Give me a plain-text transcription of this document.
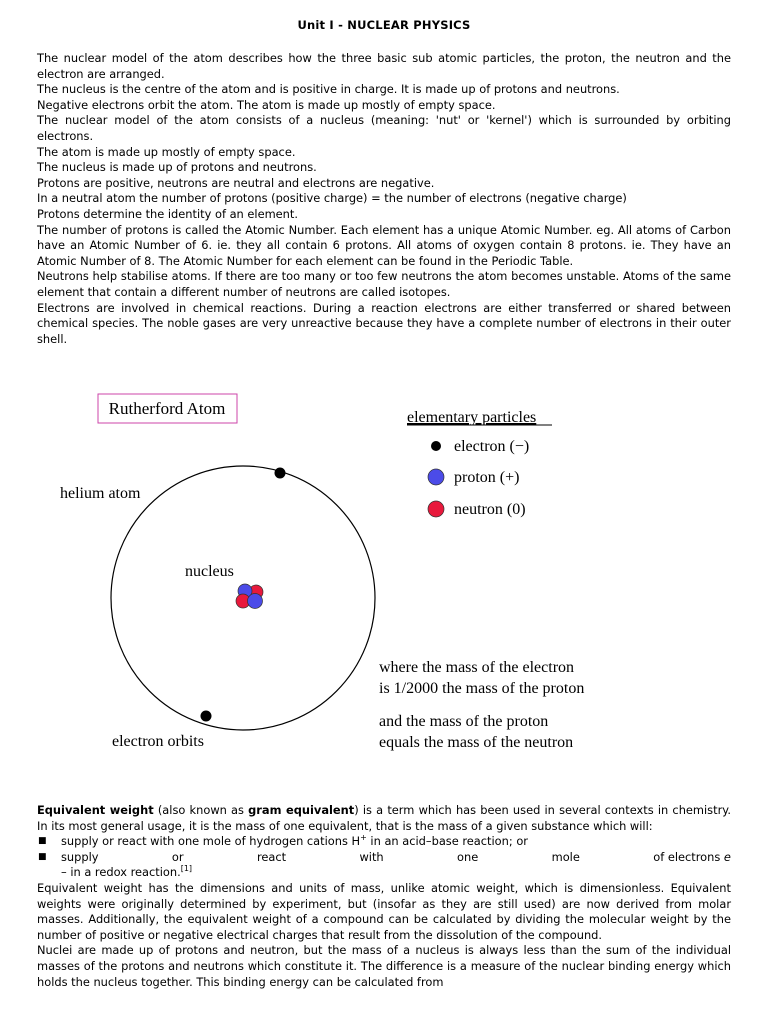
Unit I - NUCLEAR PHYSICS

The nuclear model of the atom describes how the three basic sub atomic particles, the proton, the neutron and the electron are arranged.

The nucleus is the centre of the atom and is positive in charge. It is made up of protons and neutrons.

Negative electrons orbit the atom. The atom is made up mostly of empty space.

The nuclear model of the atom consists of a nucleus (meaning: 'nut' or 'kernel') which is surrounded by orbiting electrons.

The atom is made up mostly of empty space.

The nucleus is made up of protons and neutrons.

Protons are positive, neutrons are neutral and electrons are negative.

In a neutral atom the number of protons (positive charge) = the number of electrons (negative charge)

Protons determine the identity of an element.

The number of protons is called the Atomic Number. Each element has a unique Atomic Number. eg. All atoms of Carbon have an Atomic Number of 6. ie. they all contain 6 protons. All atoms of oxygen contain 8 protons. ie. They have an Atomic Number of 8. The Atomic Number for each element can be found in the Periodic Table.

Neutrons help stabilise atoms. If there are too many or too few neutrons the atom becomes unstable. Atoms of the same element that contain a different number of neutrons are called isotopes.

Electrons are involved in chemical reactions. During a reaction electrons are either transferred or shared between chemical species. The noble gases are very unreactive because they have a complete number of electrons in their outer shell.

Rutherford Atom
helium atom
nucleus
electron orbits
elementary particles
electron (−)
proton (+)
neutron (0)
where the mass of the electron
is 1/2000 the mass of the proton
and the mass of the proton
equals the mass of the neutron

Equivalent weight (also known as gram equivalent) is a term which has been used in several contexts in chemistry. In its most general usage, it is the mass of one equivalent, that is the mass of a given substance which will:

■ supply or react with one mole of hydrogen cations H+ in an acid–base reaction; or
■ supply	or	react	with	one	mole	of electrons e
– in a redox reaction.[1]

Equivalent weight has the dimensions and units of mass, unlike atomic weight, which is dimensionless. Equivalent weights were originally determined by experiment, but (insofar as they are still used) are now derived from molar masses. Additionally, the equivalent weight of a compound can be calculated by dividing the molecular weight by the number of positive or negative electrical charges that result from the dissolution of the compound.

Nuclei are made up of protons and neutron, but the mass of a nucleus is always less than the sum of the individual masses of the protons and neutrons which constitute it. The difference is a measure of the nuclear binding energy which holds the nucleus together. This binding energy can be calculated from
